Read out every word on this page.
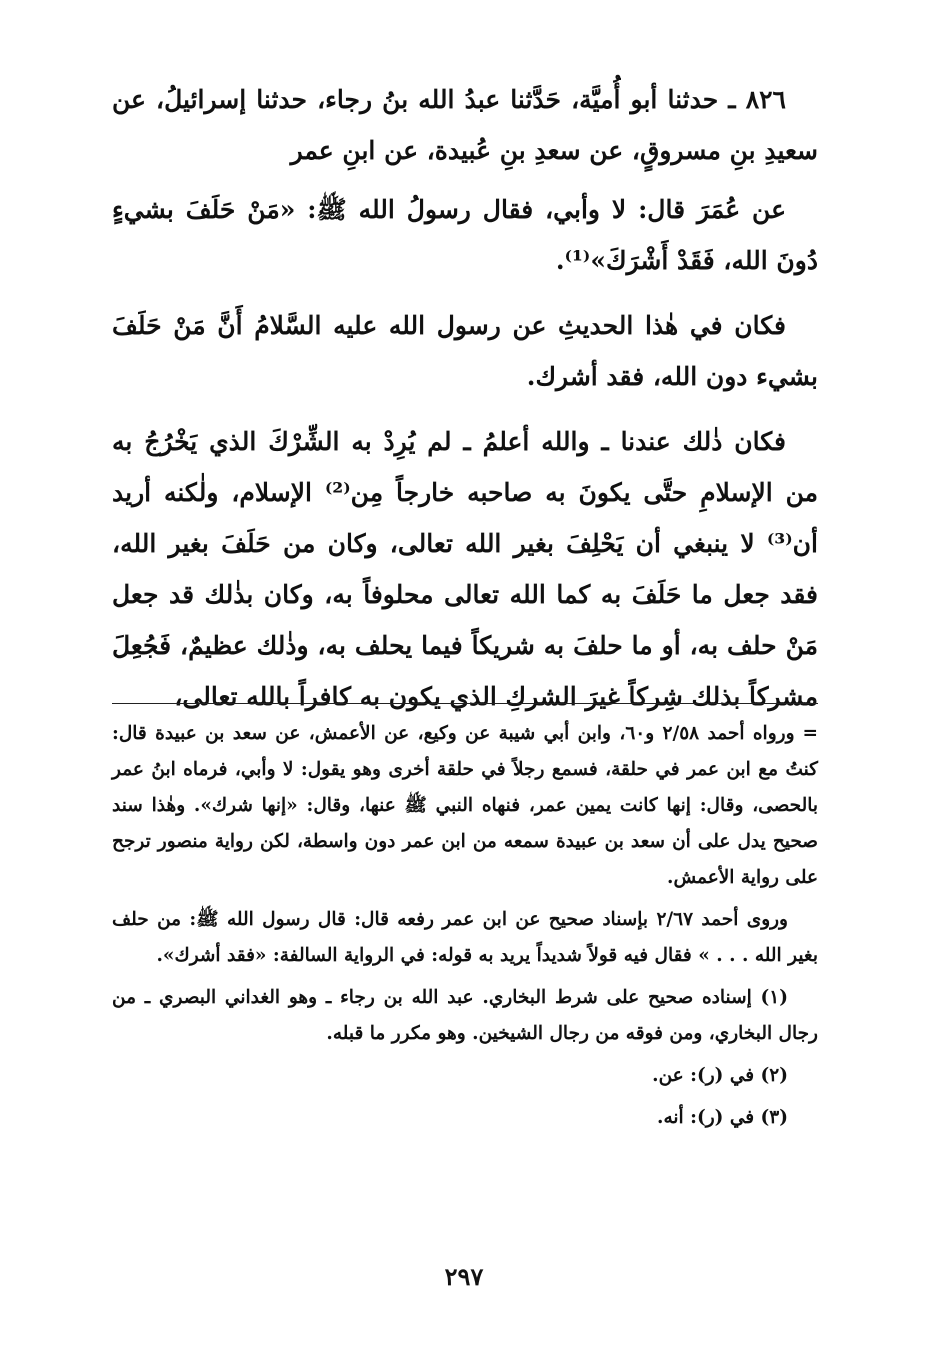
٨٢٦ ـ حدثنا أبو أُميَّة، حَدَّثنا عبدُ الله بنُ رجاء، حدثنا إسرائيلُ، عن سعيدِ بنِ مسروقٍ، عن سعدِ بنِ عُبيدة، عن ابنِ عمر

عن عُمَرَ قال: لا وأبي، فقال رسولُ الله ﷺ: «مَنْ حَلَفَ بشيءٍ دُونَ الله، فَقَدْ أَشْرَكَ»⁽¹⁾.

فكان في هٰذا الحديثِ عن رسول الله عليه السَّلامُ أَنَّ مَنْ حَلَفَ بشيء دون الله، فقد أشرك.

فكان ذٰلك عندنا ـ والله أعلمُ ـ لم يُرِدْ به الشِّرْكَ الذي يَخْرُجُ به من الإسلامِ حتَّى يكونَ به صاحبه خارجاً مِن⁽²⁾ الإسلام، ولٰكنه أريد أن⁽³⁾ لا ينبغي أن يَحْلِفَ بغير الله تعالى، وكان من حَلَفَ بغير الله، فقد جعل ما حَلَفَ به كما الله تعالى محلوفاً به، وكان بذٰلك قد جعل مَنْ حلف به، أو ما حلفَ به شريكاً فيما يحلف به، وذٰلك عظيمٌ، فَجُعِلَ مشركاً بذلك شِركاً غيرَ الشركِ الذي يكون به كافراً بالله تعالى،

=ورواه أحمد ٢/٥٨ و٦٠، وابن أبي شيبة عن وكيع، عن الأعمش، عن سعد بن عبيدة قال: كنتُ مع ابن عمر في حلقة، فسمع رجلاً في حلقة أخرى وهو يقول: لا وأبي، فرماه ابنُ عمر بالحصى، وقال: إنها كانت يمين عمر، فنهاه النبي ﷺ عنها، وقال: «إنها شرك». وهٰذا سند صحيح يدل على أن سعد بن عبيدة سمعه من ابن عمر دون واسطة، لكن رواية منصور ترجح على رواية الأعمش.

وروى أحمد ٢/٦٧ بإسناد صحيح عن ابن عمر رفعه قال: قال رسول الله ﷺ: من حلف بغير الله . . . » فقال فيه قولاً شديداً يريد به قوله: في الرواية السالفة: «فقد أشرك».

(١) إسناده صحيح على شرط البخاري. عبد الله بن رجاء ـ وهو الغداني البصري ـ من رجال البخاري، ومن فوقه من رجال الشيخين. وهو مكرر ما قبله.

(٢) في (ر): عن.

(٣) في (ر): أنه.

٢٩٧
